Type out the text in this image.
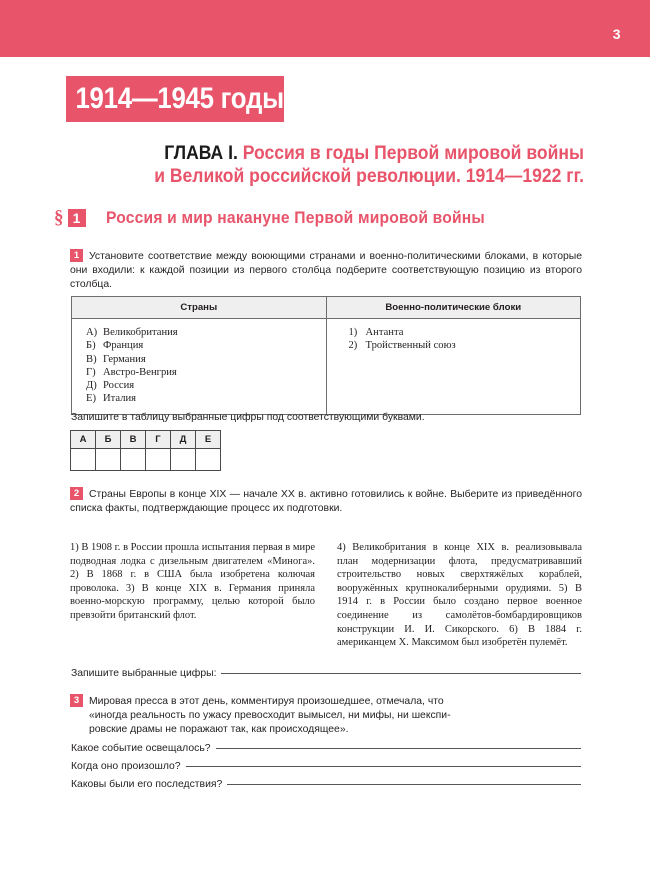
3
1914—1945 годы
ГЛАВА I. Россия в годы Первой мировой войны
и Великой российской революции. 1914—1922 гг.
§ 1	Россия и мир накануне Первой мировой войны
1 Установите соответствие между воюющими странами и военно-политическими блоками, в которые они входили: к каждой позиции из первого столбца подберите соответствующую позицию из второго столбца.
Страны	Военно-политические блоки

А) Великобритания
Б) Франция
В) Германия
Г) Австро-Венгрия
Д) Россия
Е) Италия

1) Антанта
2) Тройственный союз
Запишите в таблицу выбранные цифры под соответствующими буквами.
А	Б	В	Г	Д	Е

2 Страны Европы в конце XIX — начале XX в. активно готовились к войне. Выберите из приведённого списка факты, подтверждающие процесс их подготовки.

1) В 1908 г. в России прошла испытания первая в мире подводная лодка с дизельным двигателем «Минога». 2) В 1868 г. в США была изобретена колючая проволока. 3) В конце XIX в. Германия приняла военно-морскую программу, целью которой было превзойти британский флот.

4) Великобритания в конце XIX в. реализовывала план модернизации флота, предусматривавший строительство новых сверхтяжёлых кораблей, вооружённых крупнокалиберными орудиями. 5) В 1914 г. в России было создано первое военное соединение из самолётов-бомбардировщиков конструкции И. И. Сикорского. 6) В 1884 г. американцем Х. Максимом был изобретён пулемёт.

Запишите выбранные цифры:
3 Мировая пресса в этот день, комментируя произошедшее, отмечала, что
«иногда реальность по ужасу превосходит вымысел, ни мифы, ни шекспи-
ровские драмы не поражают так, как происходящее».
Какое событие освещалось?
Когда оно произошло?
Каковы были его последствия?
